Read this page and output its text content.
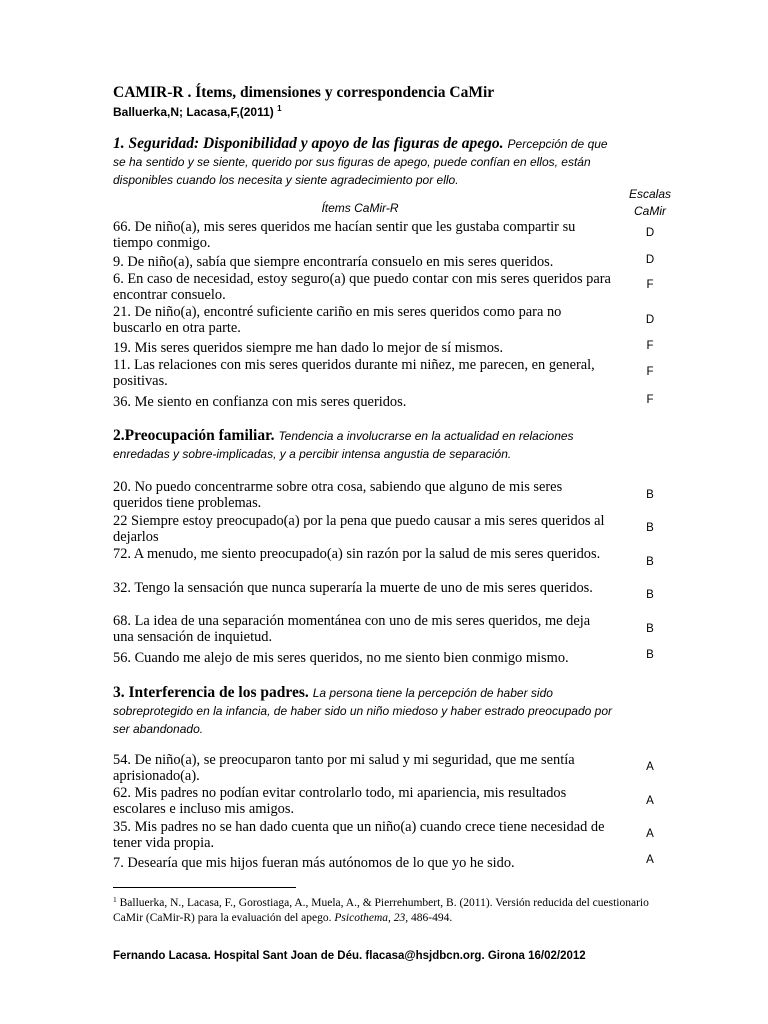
CAMIR-R . Ítems, dimensiones y correspondencia CaMir
Balluerka,N; Lacasa,F,(2011) $^1$
1. Seguridad: Disponibilidad y apoyo de las figuras de apego. Percepción de que se ha sentido y se siente, querido por sus figuras de apego, puede confían en ellos, están disponibles cuando los necesita y siente agradecimiento por ello.
Escalas
CaMir
Ítems CaMir-R
66. De niño(a), mis seres queridos me hacían sentir que les gustaba compartir su tiempo conmigo.
D
9. De niño(a), sabía que siempre encontraría consuelo en mis seres queridos.	D
6. En caso de necesidad, estoy seguro(a) que puedo contar con mis seres queridos para encontrar consuelo.
F
21. De niño(a), encontré suficiente cariño en mis seres queridos como para no buscarlo en otra parte.
D
19. Mis seres queridos siempre me han dado lo mejor de sí mismos.	F
11. Las relaciones con mis seres queridos durante mi niñez, me parecen, en general, positivas.
F
36. Me siento en confianza con mis seres queridos.	F
2.Preocupación familiar. Tendencia a involucrarse en la actualidad en relaciones enredadas y sobre-implicadas, y a percibir intensa angustia de separación.
20. No puedo concentrarme sobre otra cosa, sabiendo que alguno de mis seres queridos tiene problemas.
B
22 Siempre estoy preocupado(a) por la pena que puedo causar a mis seres queridos al dejarlos
B
72. A menudo, me siento preocupado(a) sin razón por la salud de mis seres queridos.	B
32. Tengo la sensación que nunca superaría la muerte de uno de mis seres queridos.	B
68. La idea de una separación momentánea con uno de mis seres queridos, me deja una sensación de inquietud.
B
56. Cuando me alejo de mis seres queridos, no me siento bien conmigo mismo.	B
3. Interferencia de los padres. La persona tiene la percepción de haber sido sobreprotegido en la infancia, de haber sido un niño miedoso y haber estrado preocupado por ser abandonado.
54. De niño(a), se preocuparon tanto por mi salud y mi seguridad, que me sentía aprisionado(a).
A
62. Mis padres no podían evitar controlarlo todo, mi apariencia, mis resultados escolares e incluso mis amigos.
A
35. Mis padres no se han dado cuenta que un niño(a) cuando crece tiene necesidad de tener vida propia.
A
7. Desearía que mis hijos fueran más autónomos de lo que yo he sido.	A
$^1$ Balluerka, N., Lacasa, F., Gorostiaga, A., Muela, A., & Pierrehumbert, B. (2011). Versión reducida del cuestionario CaMir (CaMir-R) para la evaluación del apego. Psicothema, 23, 486-494.
Fernando Lacasa. Hospital Sant Joan de Déu. flacasa@hsjdbcn.org. Girona 16/02/2012
